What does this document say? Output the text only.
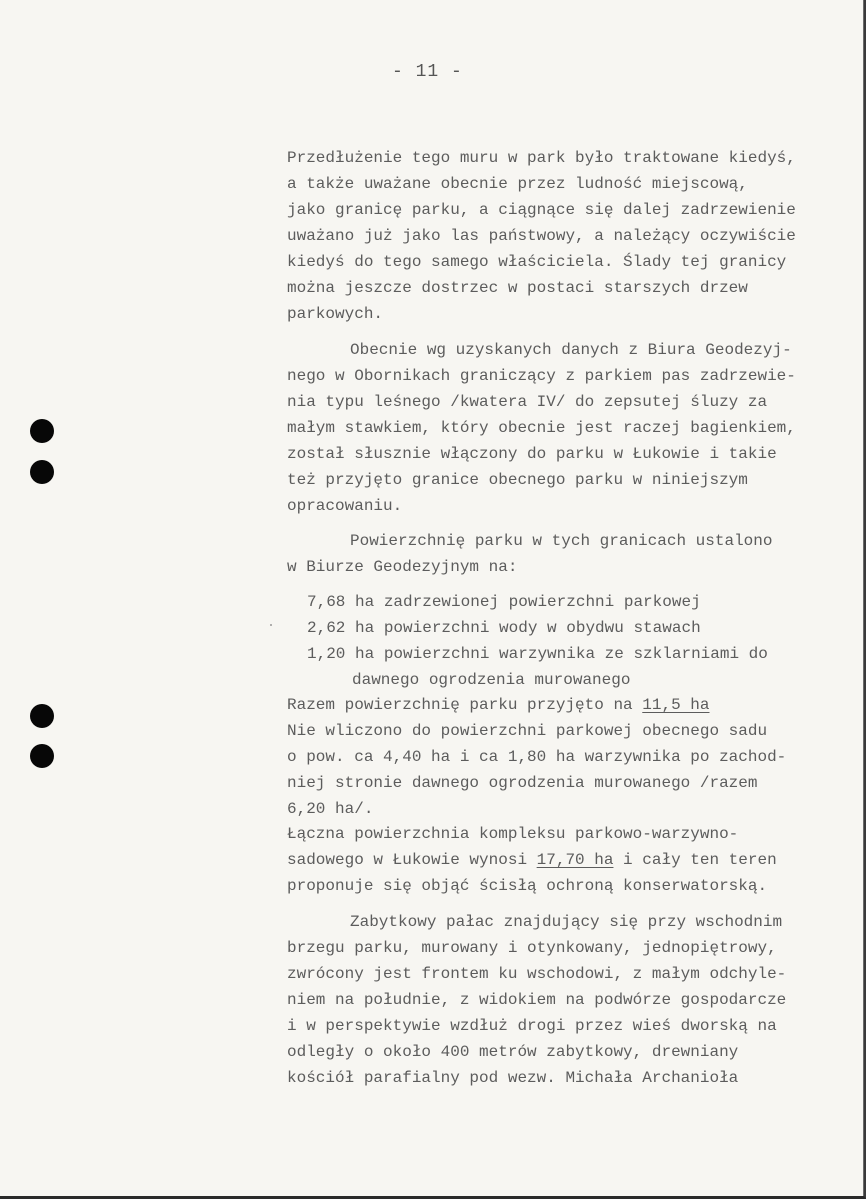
- 11 -
Przedłużenie tego muru w park było traktowane kiedyś,
a także uważane obecnie przez ludność miejscową,
jako granicę parku, a ciągnące się dalej zadrzewienie
uważano już jako las państwowy, a należący oczywiście
kiedyś do tego samego właściciela. Ślady tej granicy
można jeszcze dostrzec w postaci starszych drzew
parkowych.
Obecnie wg uzyskanych danych z Biura Geodezyj-
nego w Obornikach graniczący z parkiem pas zadrzewie-
nia typu leśnego /kwatera IV/ do zepsutej śluzy za
małym stawkiem, który obecnie jest raczej bagienkiem,
został słusznie włączony do parku w Łukowie i takie
też przyjęto granice obecnego parku w niniejszym
opracowaniu.
Powierzchnię parku w tych granicach ustalono
w Biurze Geodezyjnym na:
7,68 ha zadrzewionej powierzchni parkowej
2,62 ha powierzchni wody w obydwu stawach
1,20 ha powierzchni warzywnika ze szklarniami do
dawnego ogrodzenia murowanego
Razem powierzchnię parku przyjęto na 11,5 ha
Nie wliczono do powierzchni parkowej obecnego sadu
o pow. ca 4,40 ha i ca 1,80 ha warzywnika po zachod-
niej stronie dawnego ogrodzenia murowanego /razem
6,20 ha/.
Łączna powierzchnia kompleksu parkowo-warzywno-
sadowego w Łukowie wynosi 17,70 ha i cały ten teren
proponuje się objąć ścisłą ochroną konserwatorską.
Zabytkowy pałac znajdujący się przy wschodnim
brzegu parku, murowany i otynkowany, jednopiętrowy,
zwrócony jest frontem ku wschodowi, z małym odchyle-
niem na południe, z widokiem na podwórze gospodarcze
i w perspektywie wzdłuż drogi przez wieś dworską na
odległy o około 400 metrów zabytkowy, drewniany
kościół parafialny pod wezw. Michała Archanioła
